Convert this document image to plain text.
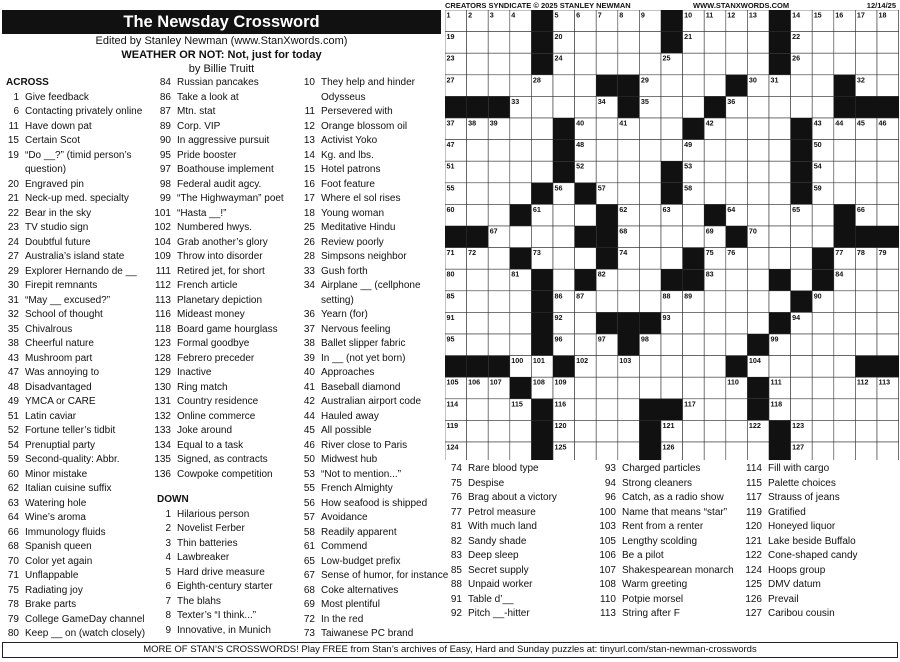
The Newsday Crossword
Edited by Stanley Newman (www.StanXwords.com)
WEATHER OR NOT: Not, just for today
by Billie Truitt
ACROSS
1 Give feedback
6 Contacting privately online
11 Have down pat
15 Certain Scot
19 “Do __?” (timid person’s
question)
20 Engraved pin
21 Neck-up med. specialty
22 Bear in the sky
23 TV studio sign
24 Doubtful future
27 Australia’s island state
29 Explorer Hernando de __
30 Firepit remnants
31 “May __ excused?”
32 School of thought
35 Chivalrous
38 Cheerful nature
43 Mushroom part
47 Was annoying to
48 Disadvantaged
49 YMCA or CARE
51 Latin caviar
52 Fortune teller’s tidbit
54 Prenuptial party
59 Second-quality: Abbr.
60 Minor mistake
62 Italian cuisine suffix
63 Watering hole
64 Wine’s aroma
66 Immunology fluids
68 Spanish queen
70 Color yet again
71 Unflappable
75 Radiating joy
78 Brake parts
79 College GameDay channel
80 Keep __ on (watch closely)
84 Russian pancakes
86 Take a look at
87 Mtn. stat
89 Corp. VIP
90 In aggressive pursuit
95 Pride booster
97 Boathouse implement
98 Federal audit agcy.
99 “The Highwayman” poet
101 “Hasta __!”
102 Numbered hwys.
104 Grab another’s glory
109 Throw into disorder
111 Retired jet, for short
112 French article
113 Planetary depiction
116 Mideast money
118 Board game hourglass
123 Formal goodbye
128 Febrero preceder
129 Inactive
130 Ring match
131 Country residence
132 Online commerce
133 Joke around
134 Equal to a task
135 Signed, as contracts
136 Cowpoke competition
DOWN
1 Hilarious person
2 Novelist Ferber
3 Thin batteries
4 Lawbreaker
5 Hard drive measure
6 Eighth-century starter
7 The blahs
8 Texter’s “I think...”
9 Innovative, in Munich
10 They help and hinder
Odysseus
11 Persevered with
12 Orange blossom oil
13 Activist Yoko
14 Kg. and lbs.
15 Hotel patrons
16 Foot feature
17 Where el sol rises
18 Young woman
25 Meditative Hindu
26 Review poorly
28 Simpsons neighbor
33 Gush forth
34 Airplane __ (cellphone
setting)
36 Yearn (for)
37 Nervous feeling
38 Ballet slipper fabric
39 In __ (not yet born)
40 Approaches
41 Baseball diamond
42 Australian airport code
44 Hauled away
45 All possible
46 River close to Paris
50 Midwest hub
53 “Not to mention...”
55 French Almighty
56 How seafood is shipped
57 Avoidance
58 Readily apparent
61 Commend
65 Low-budget prefix
67 Sense of humor, for instance
68 Coke alternatives
69 Most plentiful
72 In the red
73 Taiwanese PC brand
74 Rare blood type
75 Despise
76 Brag about a victory
77 Petrol measure
81 With much land
82 Sandy shade
83 Deep sleep
85 Secret supply
88 Unpaid worker
91 Table d’__
92 Pitch __-hitter
93 Charged particles
94 Strong cleaners
96 Catch, as a radio show
100 Name that means “star”
103 Rent from a renter
105 Lengthy scolding
106 Be a pilot
107 Shakespearean monarch
108 Warm greeting
110 Potpie morsel
113 String after F
114 Fill with cargo
115 Palette choices
117 Strauss of jeans
119 Gratified
120 Honeyed liquor
121 Lake beside Buffalo
122 Cone-shaped candy
124 Hoops group
125 DMV datum
126 Prevail
127 Caribou cousin
CREATORS SYNDICATE © 2025 STANLEY NEWMAN	WWW.STANXWORDS.COM	12/14/25
1 2 3 4	5 6 7 8 9	10 11 12 13	14 15 16 17 18
19	20	21	22
23	24	25	26
27	28	29	30 31	32
33	34	35	36
37 38 39	40	41	42	43 44 45 46
47	48	49	50
51	52	53	54
55	56	57	58	59
60	61	62	63	64	65	66
67	68	69	70
71 72	73	74	75 76	77 78 79
80	81	82	83	84
85	86 87	88 89	90
91	92	93	94
95	96	97	98	99
100 101	102	103	104
105 106 107	108 109	110	111	112 113
114	115	116	117	118
119	120	121	122	123
124	125	126	127
MORE OF STAN’S CROSSWORDS! Play FREE from Stan’s archives of Easy, Hard and Sunday puzzles at: tinyurl.com/stan-newman-crosswords
